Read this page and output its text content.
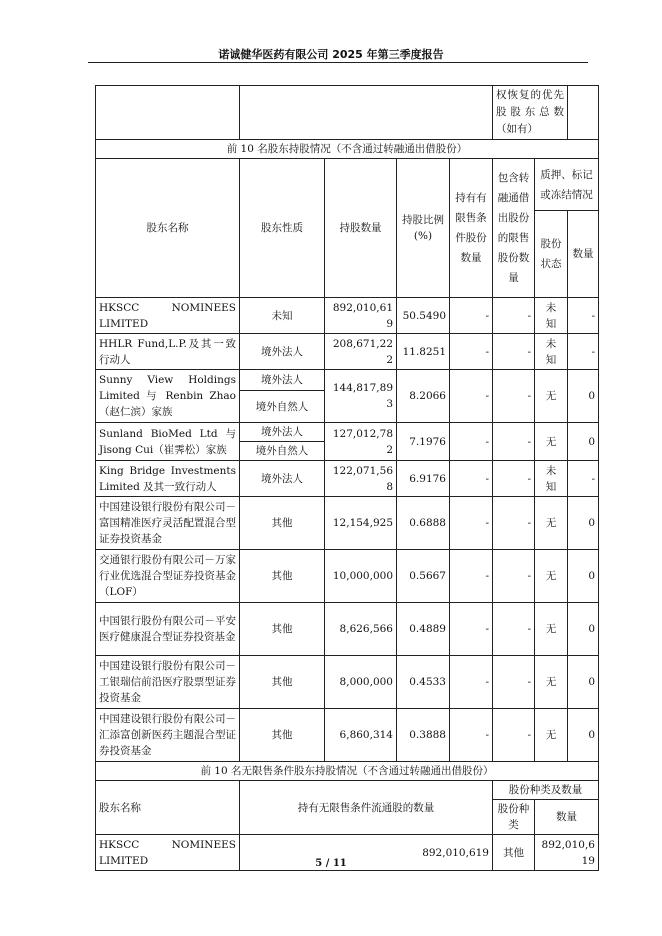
诺诚健华医药有限公司 2025 年第三季度报告
					权恢复的优先股股东总数（如有）		
前 10 名股东持股情况（不含通过转融通出借股份）							
股东名称	股东性质	持股数量	持股比例(%)	持有有限售条件股份数量	包含转融通借出股份的限售股份数量	质押、标记或冻结情况	
						股份状态	数量

HKSCC NOMINEES
LIMITED	未知	892,010,619	50.5490	-	-	未知	-
HHLR Fund,L.P.及其一致行动人	境外法人	208,671,222	11.8251	-	-	未知	-

Sunny View Holdings
Limited 与 Renbin Zhao（赵仁滨）家族	境外法人	144,817,893	8.2066	-	-	无	0
	境外自然人						

Sunland BioMed Ltd 与
Jisong Cui（崔霁松）家族	境外法人	127,012,782	7.1976	-	-	无	0
	境外自然人						

King Bridge Investments
Limited 及其一致行动人	境外法人	122,071,568	6.9176	-	-	未知	-
中国建设银行股份有限公司－富国精准医疗灵活配置混合型证券投资基金	其他	12,154,925	0.6888	-	-	无	0
交通银行股份有限公司－万家行业优选混合型证券投资基金（LOF）	其他	10,000,000	0.5667	-	-	无	0
中国银行股份有限公司－平安医疗健康混合型证券投资基金	其他	8,626,566	0.4889	-	-	无	0
中国建设银行股份有限公司－工银瑞信前沿医疗股票型证券投资基金	其他	8,000,000	0.4533	-	-	无	0
中国建设银行股份有限公司－汇添富创新医药主题混合型证券投资基金	其他	6,860,314	0.3888	-	-	无	0
前 10 名无限售条件股东持股情况（不含通过转融通出借股份）							
股东名称	持有无限售条件流通股的数量				股份种类及数量		
					股份种类	数量	

HKSCC NOMINEES
LIMITED	892,010,619				其他	892,010,619	
5 / 11
